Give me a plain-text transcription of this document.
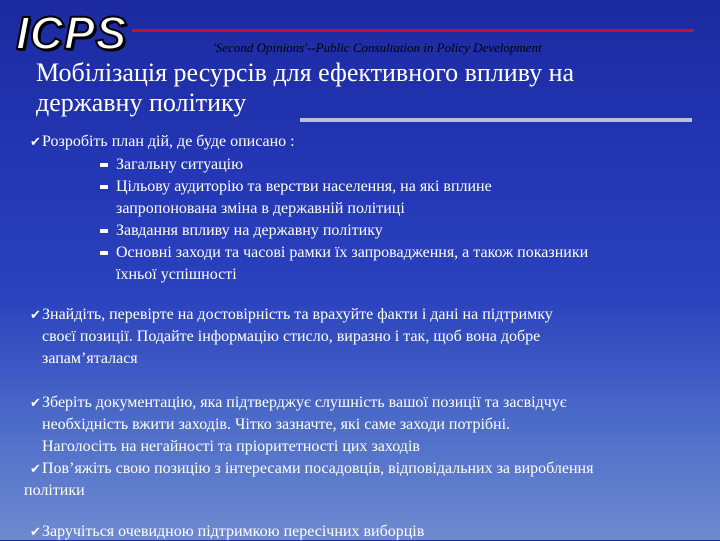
ICPS	'Second Opinions'--Public Consultation in Policy Development
Мобілізація ресурсів для ефективного впливу на державну політику
✔Розробіть план дій, де буде описано :
Загальну ситуацію
Цільову аудиторію та верстви населення, на які вплине
запропонована зміна в державній політиці
Завдання впливу на державну політику
Основні заходи та часові рамки їх запровадження, а також показники
їхньої успішності
✔Знайдіть, перевірте на достовірність та врахуйте факти і дані на підтримку
своєї позиції. Подайте інформацію стисло, виразно і так, щоб вона добре
запам’яталася
✔Зберіть документацію, яка підтверджує слушність вашої позиції та засвідчує
необхідність вжити заходів. Чітко зазначте, які саме заходи потрібні.
Наголосіть на негайності та пріоритетності цих заходів
✔Пов’яжіть свою позицію з інтересами посадовців, відповідальних за вироблення
політики
✔Заручіться очевидною підтримкою пересічних виборців
